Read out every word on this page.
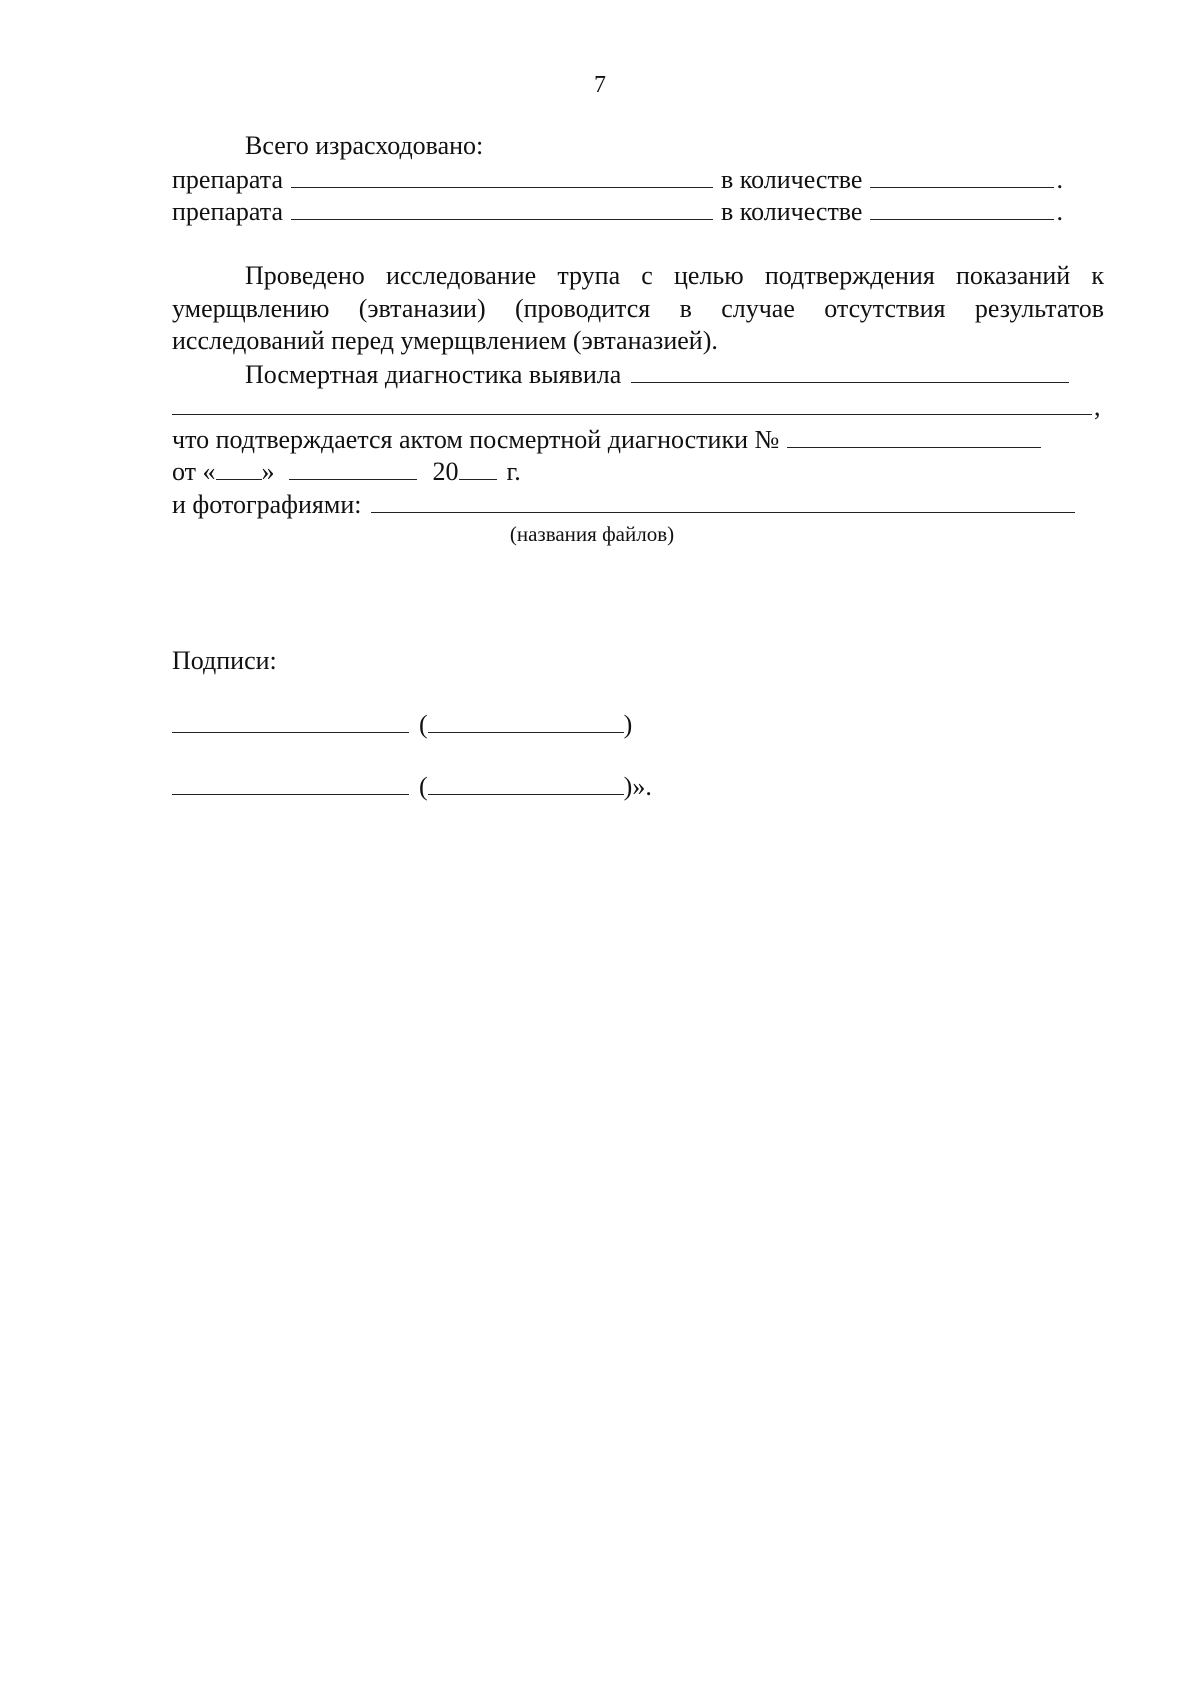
7
Всего израсходовано:
препарата	в количестве	.
препарата	в количестве	.
Проведено исследование трупа с целью подтверждения показаний к умерщвлению (эвтаназии) (проводится в случае отсутствия результатов исследований перед умерщвлением (эвтаназией).
Посмертная диагностика выявила
,
что подтверждается актом посмертной диагностики №
от « »	20 г.
и фотографиями:
(названия файлов)
Подписи:
(	)
(	)».
